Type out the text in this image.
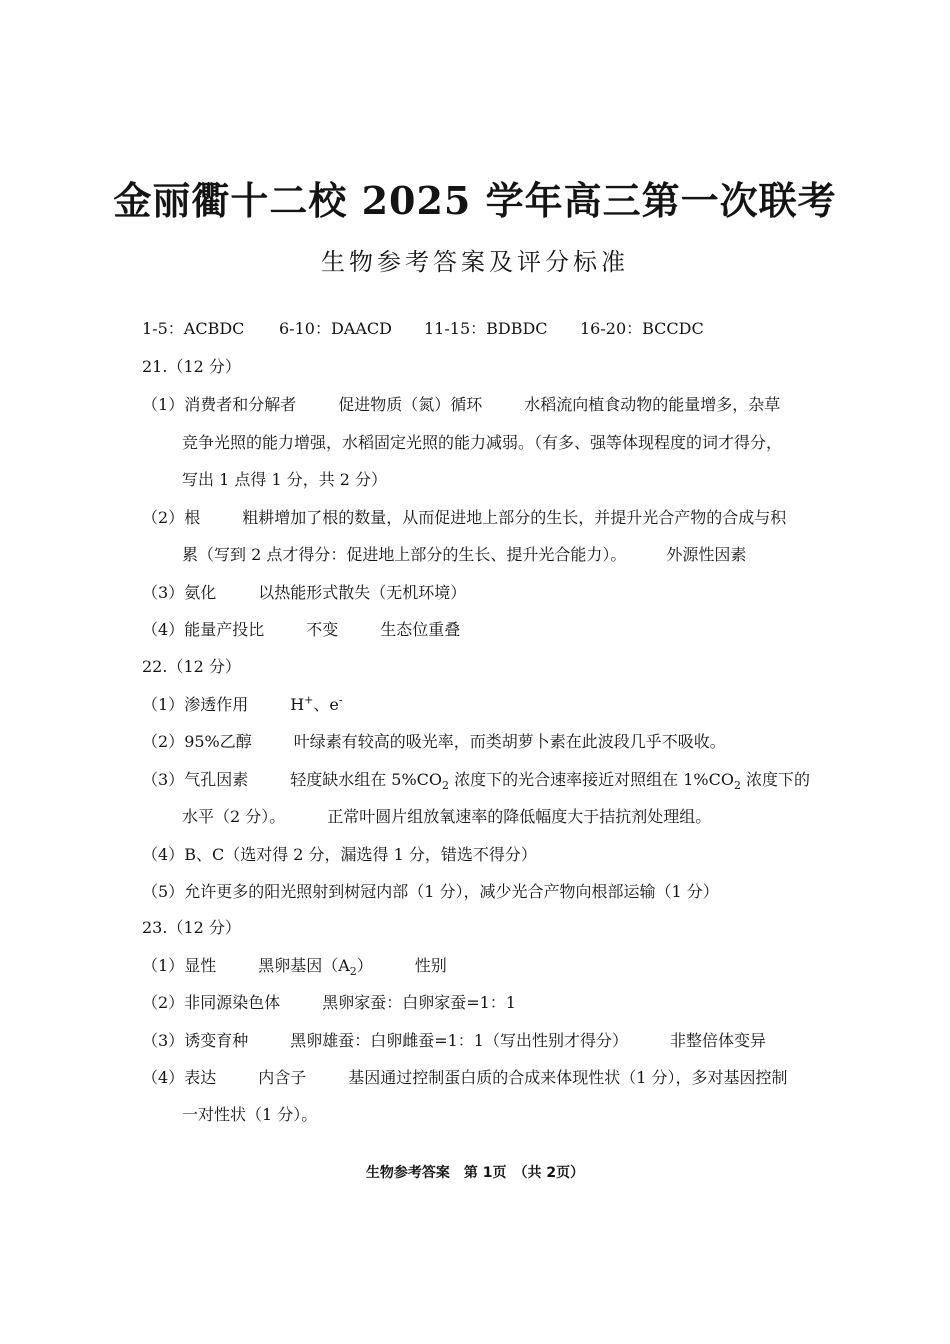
金丽衢十二校 2025 学年高三第一次联考
生物参考答案及评分标准
1-5：ACBDC 6-10：DAACD 11-15：BDBDC 16-20：BCCDC
21.（12 分）
（1）消费者和分解者	促进物质（氮）循环	水稻流向植食动物的能量增多，杂草
竞争光照的能力增强，水稻固定光照的能力减弱。（有多、强等体现程度的词才得分，
写出 1 点得 1 分，共 2 分）
（2）根	粗耕增加了根的数量，从而促进地上部分的生长，并提升光合产物的合成与积
累（写到 2 点才得分：促进地上部分的生长、提升光合能力）。	外源性因素
（3）氨化	以热能形式散失（无机环境）
（4）能量产投比	不变	生态位重叠
22.（12 分）
（1）渗透作用	H+、e-
（2）95%乙醇	叶绿素有较高的吸光率，而类胡萝卜素在此波段几乎不吸收。
（3）气孔因素	轻度缺水组在 $5\%CO_2$ 浓度下的光合速率接近对照组在 $1\%CO_2$ 浓度下的
水平（2 分）。	正常叶圆片组放氧速率的降低幅度大于拮抗剂处理组。
（4）B、C（选对得 2 分，漏选得 1 分，错选不得分）
（5）允许更多的阳光照射到树冠内部（1 分），减少光合产物向根部运输（1 分）
23.（12 分）
（1）显性	黑卵基因$(A_2)$	性别
（2）非同源染色体	黑卵家蚕：白卵家蚕=1：1
（3）诱变育种	黑卵雄蚕：白卵雌蚕=1：1（写出性别才得分）	非整倍体变异
（4）表达	内含子	基因通过控制蛋白质的合成来体现性状（1 分），多对基因控制
一对性状（1 分）。
生物参考答案　第 1页　（共 2页）
